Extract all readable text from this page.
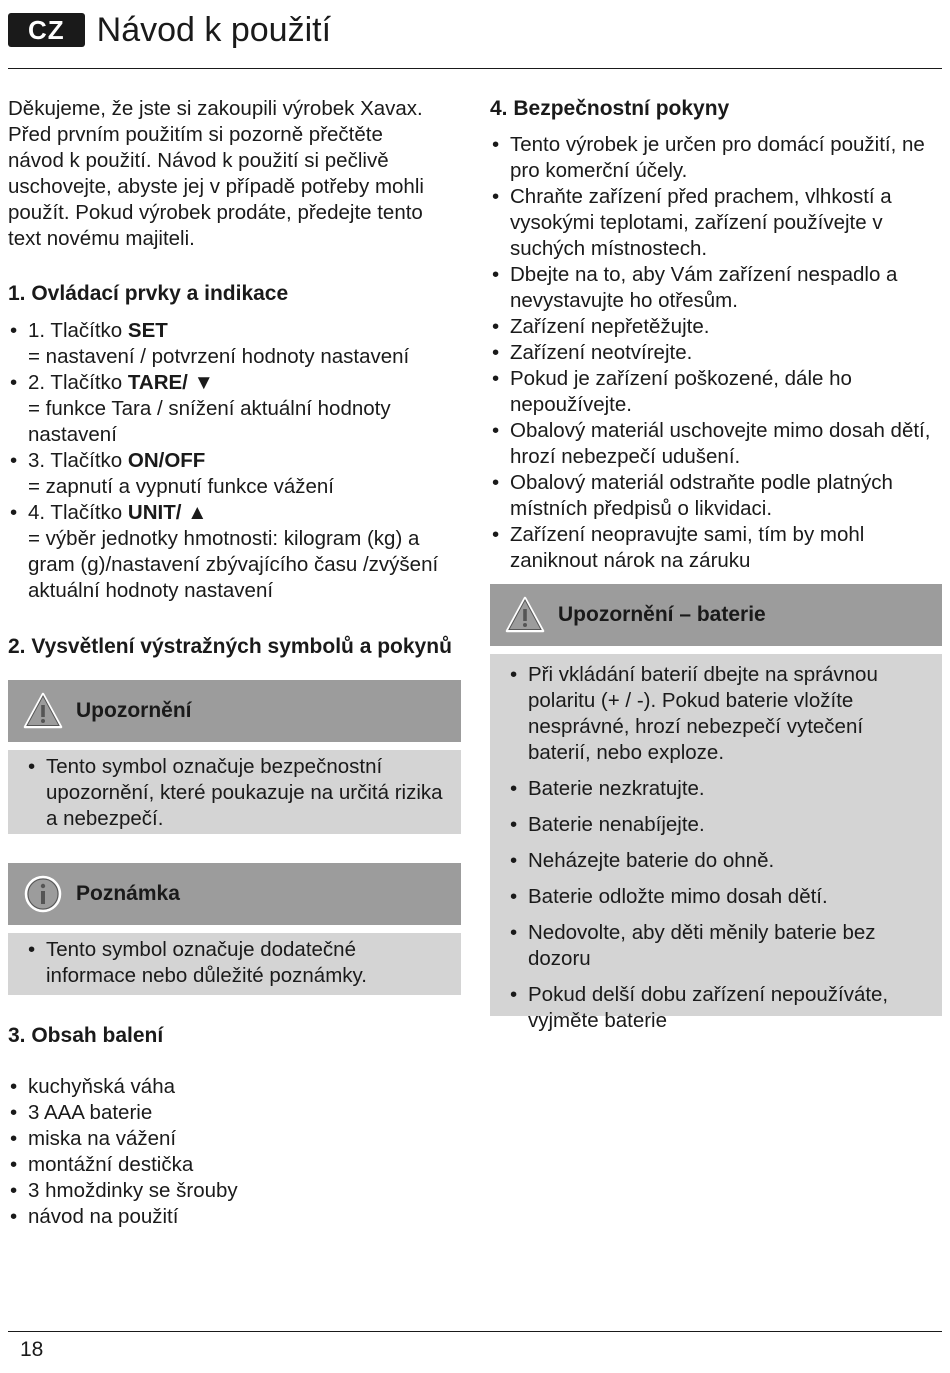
CZ Návod k použití

Děkujeme, že jste si zakoupili výrobek Xavax. Před prvním použitím si pozorně přečtěte návod k použití. Návod k použití si pečlivě uschovejte, abyste jej v případě potřeby mohli použít. Pokud výrobek prodáte, předejte tento text novému majiteli.

1. Ovládací prvky a indikace
• 1. Tlačítko SET
= nastavení / potvrzení hodnoty nastavení
• 2. Tlačítko TARE/ ▼
= funkce Tara / snížení aktuální hodnoty nastavení
• 3. Tlačítko ON/OFF
= zapnutí a vypnutí funkce vážení
• 4. Tlačítko UNIT/ ▲
= výběr jednotky hmotnosti: kilogram (kg) a gram (g)/nastavení zbývajícího času /zvýšení aktuální hodnoty nastavení
2. Vysvětlení výstražných symbolů a pokynů
Upozornění
• Tento symbol označuje bezpečnostní upozornění, které poukazuje na určitá rizika a nebezpečí.
Poznámka
• Tento symbol označuje dodatečné informace nebo důležité poznámky.
3. Obsah balení
• kuchyňská váha
• 3 AAA baterie
• miska na vážení
• montážní destička
• 3 hmoždinky se šrouby
• návod na použití
4. Bezpečnostní pokyny
• Tento výrobek je určen pro domácí použití, ne pro komerční účely.
• Chraňte zařízení před prachem, vlhkostí a vysokými teplotami, zařízení používejte v suchých místnostech.
• Dbejte na to, aby Vám zařízení nespadlo a nevystavujte ho otřesům.
• Zařízení nepřetěžujte.
• Zařízení neotvírejte.
• Pokud je zařízení poškozené, dále ho nepoužívejte.
• Obalový materiál uschovejte mimo dosah dětí, hrozí nebezpečí udušení.
• Obalový materiál odstraňte podle platných místních předpisů o likvidaci.
• Zařízení neopravujte sami, tím by mohl zaniknout nárok na záruku
Upozornění – baterie
• Při vkládání baterií dbejte na správnou polaritu (+ / -). Pokud baterie vložíte nesprávné, hrozí nebezpečí vytečení baterií, nebo exploze.
• Baterie nezkratujte.
• Baterie nenabíjejte.
• Neházejte baterie do ohně.
• Baterie odložte mimo dosah dětí.
• Nedovolte, aby děti měnily baterie bez dozoru
• Pokud delší dobu zařízení nepoužíváte, vyjměte baterie
18
